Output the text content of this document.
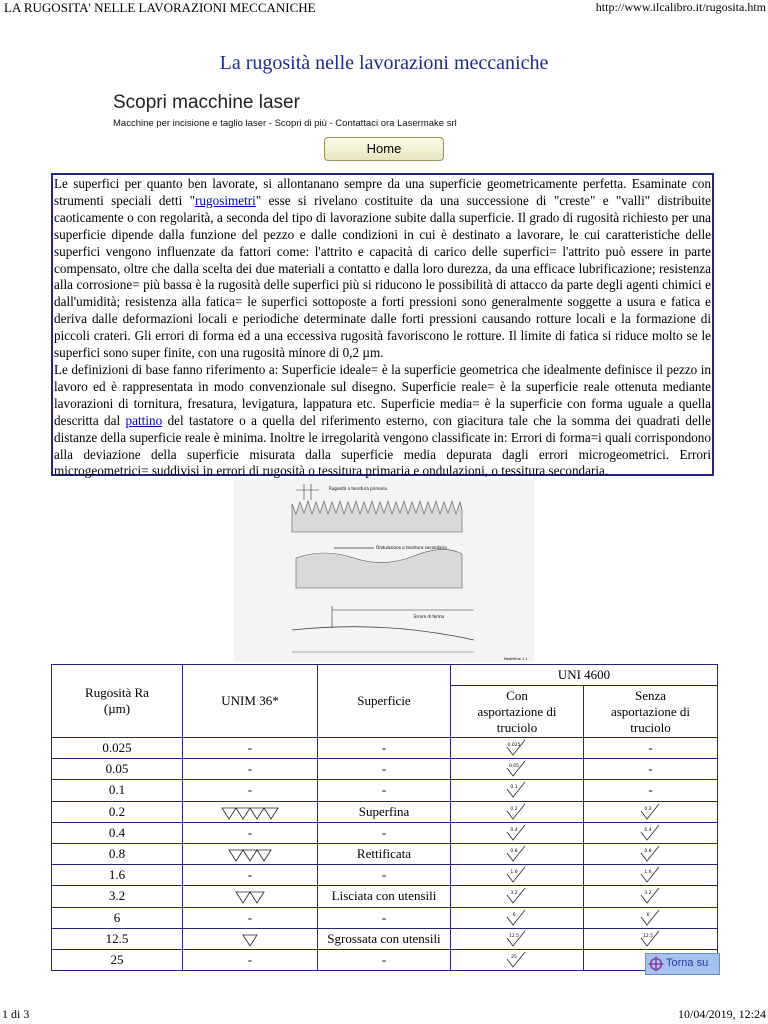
LA RUGOSITA' NELLE LAVORAZIONI MECCANICHE	http://www.ilcalibro.it/rugosita.htm
La rugosità nelle lavorazioni meccaniche
Scopri macchine laser
Macchine per incisione e taglio laser - Scopri di più - Contattaci ora Lasermake srl
Home

Le superfici per quanto ben lavorate, si allontanano sempre da una superficie geometricamente perfetta. Esaminate con strumenti speciali detti "rugosimetri" esse si rivelano costituite da una successione di "creste" e "valli" distribuite caoticamente o con regolarità, a seconda del tipo di lavorazione subite dalla superficie. Il grado di rugosità richiesto per una superficie dipende dalla funzione del pezzo e dalle condizioni in cui è destinato a lavorare, le cui caratteristiche delle superfici vengono influenzate da fattori come: l'attrito e capacità di carico delle superfici= l'attrito può essere in parte compensato, oltre che dalla scelta dei due materiali a contatto e dalla loro durezza, da una efficace lubrificazione; resistenza alla corrosione= più bassa è la rugosità delle superfici più si riducono le possibilità di attacco da parte degli agenti chimici e dall'umidità; resistenza alla fatica= le superfici sottoposte a forti pressioni sono generalmente soggette a usura e fatica e deriva dalle deformazioni locali e periodiche determinate dalle forti pressioni causando rotture locali e la formazione di piccoli crateri. Gli errori di forma ed a una eccessiva rugosità favoriscono le rotture. Il limite di fatica si riduce molto se le superfici sono super finite, con una rugosità minore di 0,2 µm.

Le definizioni di base fanno riferimento a: Superficie ideale= è la superficie geometrica che idealmente definisce il pezzo in lavoro ed è rappresentata in modo convenzionale sul disegno. Superficie reale= è la superficie reale ottenuta mediante lavorazioni di tornitura, fresatura, levigatura, lappatura etc. Superficie media= è la superficie con forma uguale a quella descritta dal pattino del tastatore o a quella del riferimento esterno, con giacitura tale che la somma dei quadrati delle distanze della superficie reale è minima. Inoltre le irregolarità vengono classificate in: Errori di forma=i quali corrispondono alla deviazione della superficie misurata dalla superficie media depurata dagli errori microgeometrici. Errori microgeometrici= suddivisi in errori di rugosità o tessitura primaria e ondulazioni, o tessitura secondaria.

Rugosità o tessitura primaria
Ondulazione o tessitura secondaria
Errore di forma
Modifiche 1.1
Rugosità Ra (µm)	UNIM 36*	Superficie	UNI 4600	
			Con asportazione di truciolo	Senza asportazione di truciolo
0.025	-	-	0.025	-
0.05	-	-	0.05	-
0.1	-	-	0.1	-
0.2		Superfina	0.2	0.2

0.4	-	-	0.4	0.4

0.8		Rettificata	0.8	0.8

1.6	-	-	1.6	1.6

3.2		Lisciata con utensili	3.2	3.2

6	-	-	6	6

12.5		Sgrossata con utensili	12.5	12.5

25	-	-	25	
		Torna su
1 di 3	10/04/2019, 12:24
